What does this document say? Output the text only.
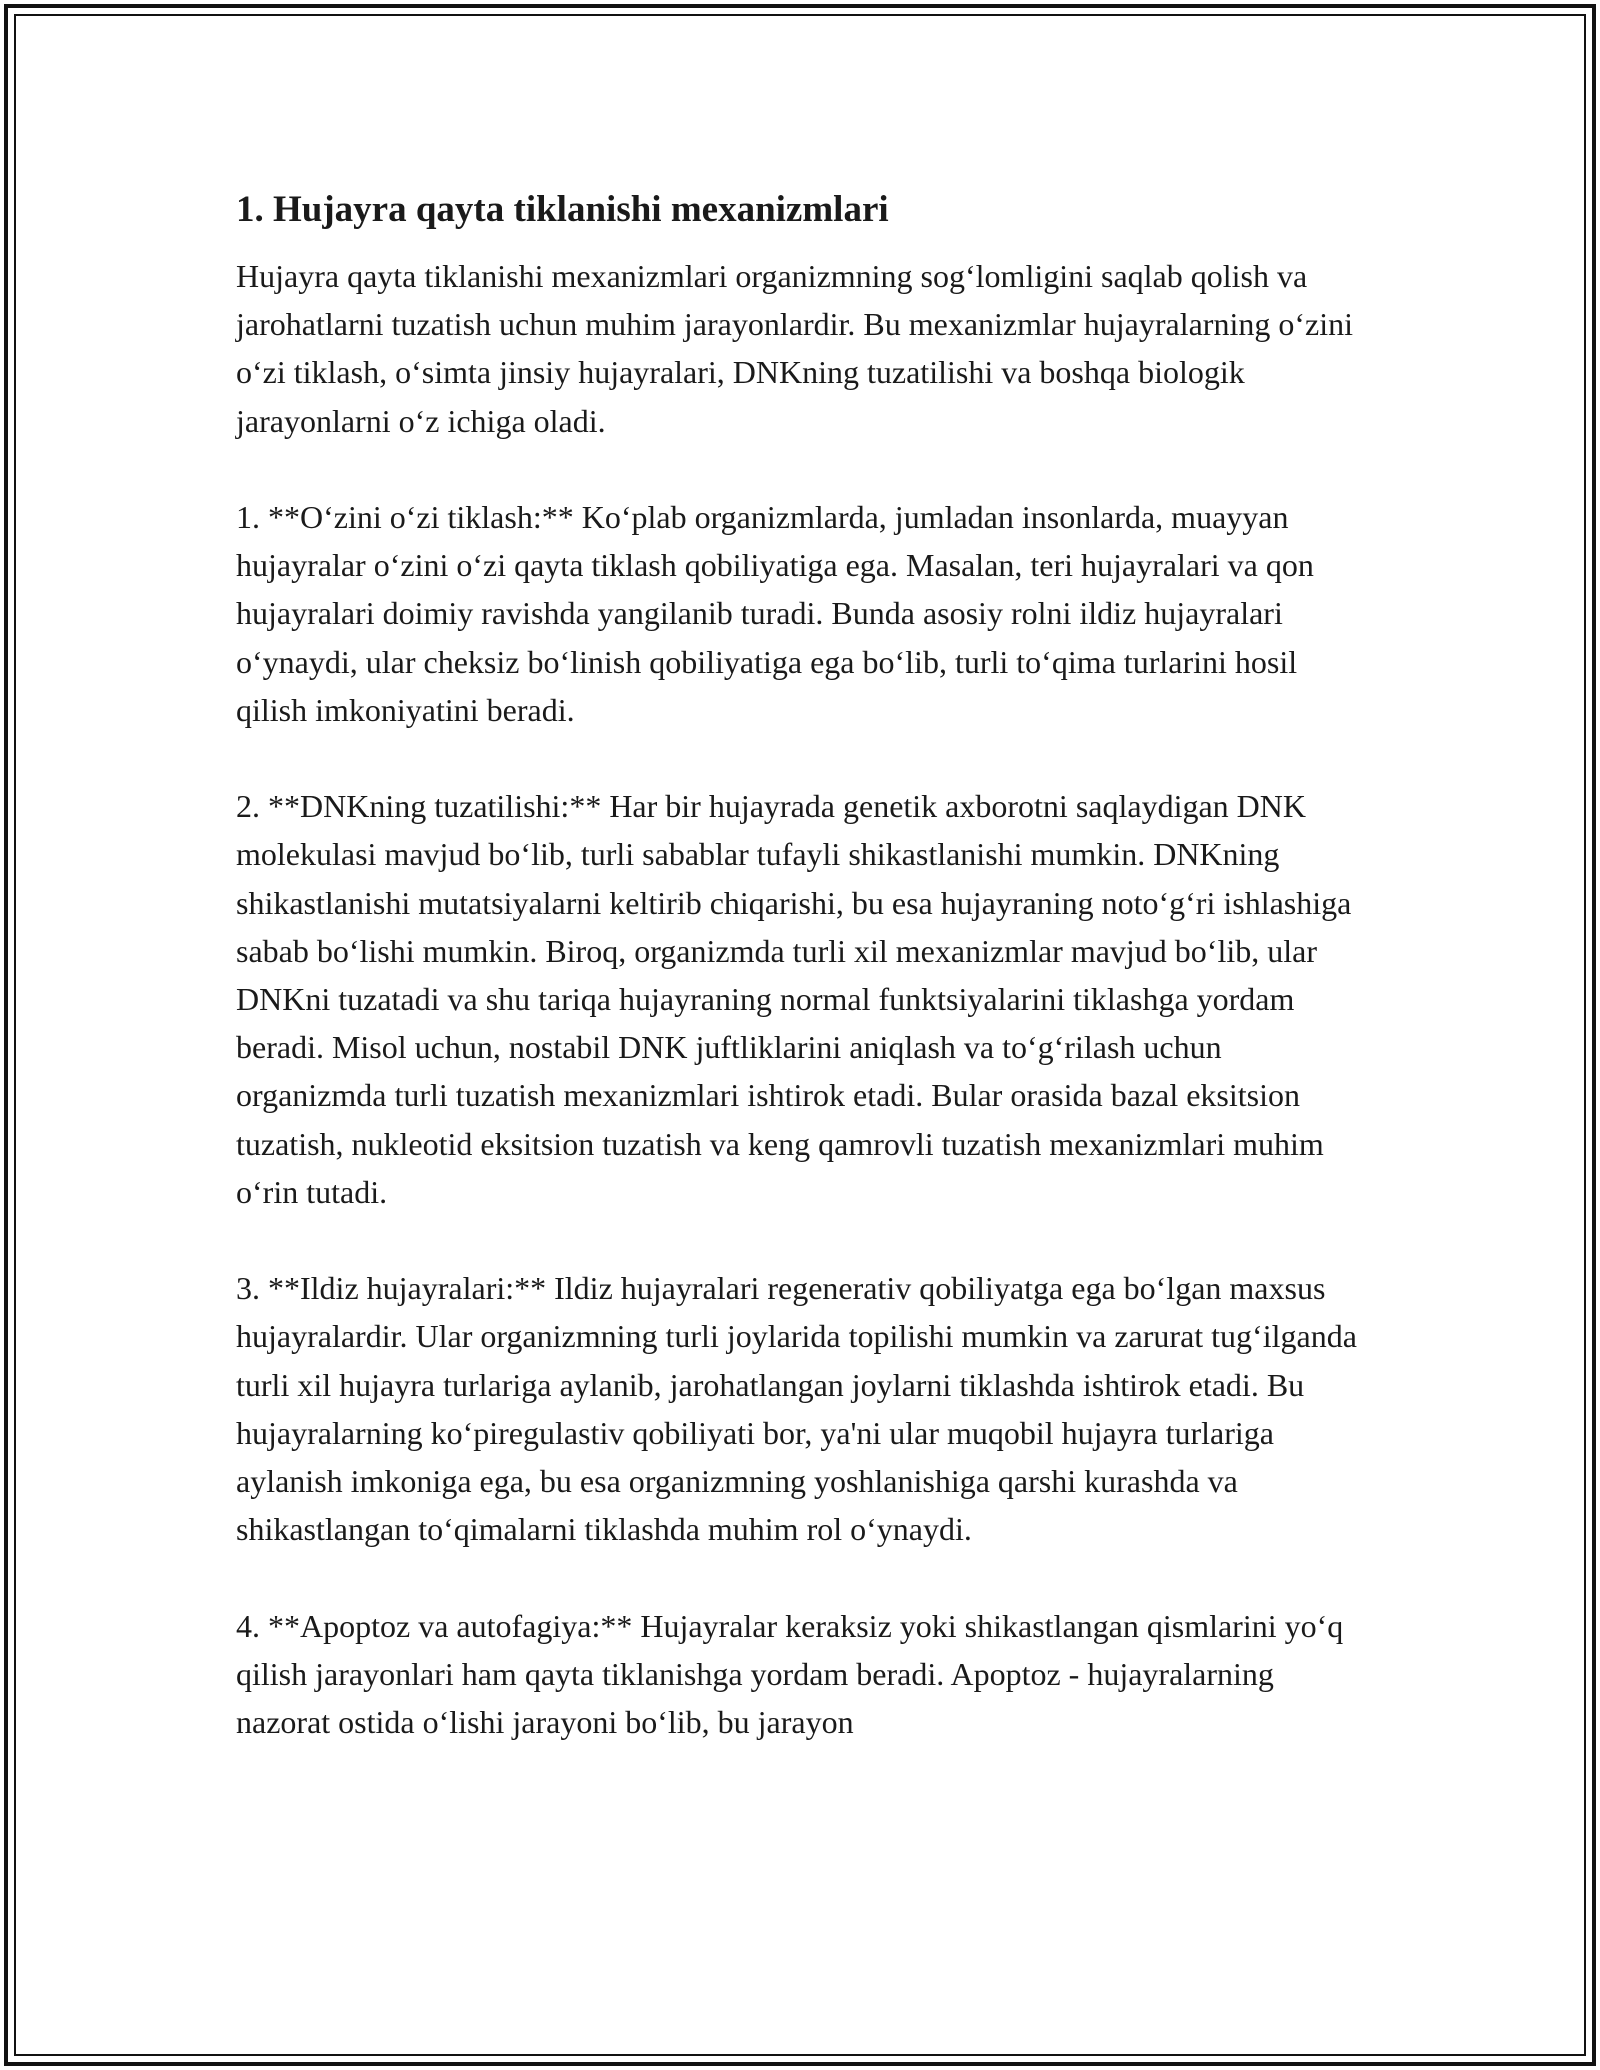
1. Hujayra qayta tiklanishi mexanizmlari

Hujayra qayta tiklanishi mexanizmlari organizmning sog‘lomligini saqlab qolish va jarohatlarni tuzatish uchun muhim jarayonlardir. Bu mexanizmlar hujayralarning o‘zini o‘zi tiklash, o‘simta jinsiy hujayralari, DNKning tuzatilishi va boshqa biologik jarayonlarni o‘z ichiga oladi.

1. **O‘zini o‘zi tiklash:** Ko‘plab organizmlarda, jumladan insonlarda, muayyan hujayralar o‘zini o‘zi qayta tiklash qobiliyatiga ega. Masalan, teri hujayralari va qon hujayralari doimiy ravishda yangilanib turadi. Bunda asosiy rolni ildiz hujayralari o‘ynaydi, ular cheksiz bo‘linish qobiliyatiga ega bo‘lib, turli to‘qima turlarini hosil qilish imkoniyatini beradi.

2. **DNKning tuzatilishi:** Har bir hujayrada genetik axborotni saqlaydigan DNK molekulasi mavjud bo‘lib, turli sabablar tufayli shikastlanishi mumkin. DNKning shikastlanishi mutatsiyalarni keltirib chiqarishi, bu esa hujayraning noto‘g‘ri ishlashiga sabab bo‘lishi mumkin. Biroq, organizmda turli xil mexanizmlar mavjud bo‘lib, ular DNKni tuzatadi va shu tariqa hujayraning normal funktsiyalarini tiklashga yordam beradi. Misol uchun, nostabil DNK juftliklarini aniqlash va to‘g‘rilash uchun organizmda turli tuzatish mexanizmlari ishtirok etadi. Bular orasida bazal eksitsion tuzatish, nukleotid eksitsion tuzatish va keng qamrovli tuzatish mexanizmlari muhim o‘rin tutadi.

3. **Ildiz hujayralari:** Ildiz hujayralari regenerativ qobiliyatga ega bo‘lgan maxsus hujayralardir. Ular organizmning turli joylarida topilishi mumkin va zarurat tug‘ilganda turli xil hujayra turlariga aylanib, jarohatlangan joylarni tiklashda ishtirok etadi. Bu hujayralarning ko‘piregulastiv qobiliyati bor, ya'ni ular muqobil hujayra turlariga aylanish imkoniga ega, bu esa organizmning yoshlanishiga qarshi kurashda va shikastlangan to‘qimalarni tiklashda muhim rol o‘ynaydi.

4. **Apoptoz va autofagiya:** Hujayralar keraksiz yoki shikastlangan qismlarini yo‘q qilish jarayonlari ham qayta tiklanishga yordam beradi. Apoptoz - hujayralarning nazorat ostida o‘lishi jarayoni bo‘lib, bu jarayon
